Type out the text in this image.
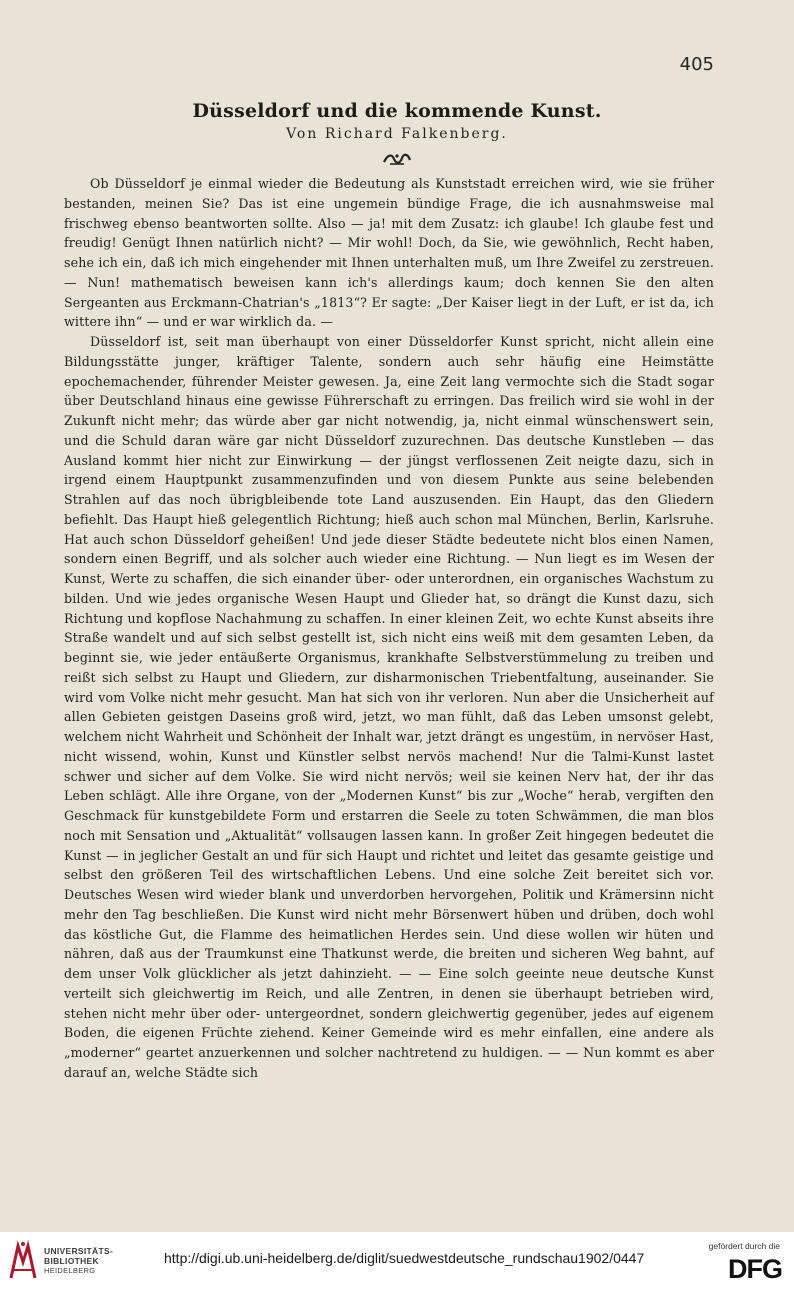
405
Düsseldorf und die kommende Kunst.
Von Richard Falkenberg.

Ob Düsseldorf je einmal wieder die Bedeutung als Kunststadt erreichen wird, wie sie früher bestanden, meinen Sie? Das ist eine ungemein bündige Frage, die ich ausnahmsweise mal frischweg ebenso beantworten sollte. Also — ja! mit dem Zusatz: ich glaube! Ich glaube fest und freudig! Genügt Ihnen natürlich nicht? — Mir wohl! Doch, da Sie, wie gewöhnlich, Recht haben, sehe ich ein, daß ich mich eingehender mit Ihnen unterhalten muß, um Ihre Zweifel zu zerstreuen. — Nun! mathematisch beweisen kann ich's allerdings kaum; doch kennen Sie den alten Sergeanten aus Erckmann-Chatrian's „1813“? Er sagte: „Der Kaiser liegt in der Luft, er ist da, ich wittere ihn“ — und er war wirklich da. —

Düsseldorf ist, seit man überhaupt von einer Düsseldorfer Kunst spricht, nicht allein eine Bildungsstätte junger, kräftiger Talente, sondern auch sehr häufig eine Heimstätte epochemachender, führender Meister gewesen. Ja, eine Zeit lang vermochte sich die Stadt sogar über Deutschland hinaus eine gewisse Führerschaft zu erringen. Das freilich wird sie wohl in der Zukunft nicht mehr; das würde aber gar nicht notwendig, ja, nicht einmal wünschenswert sein, und die Schuld daran wäre gar nicht Düsseldorf zuzurechnen. Das deutsche Kunstleben — das Ausland kommt hier nicht zur Einwirkung — der jüngst verflossenen Zeit neigte dazu, sich in irgend einem Hauptpunkt zusammenzufinden und von diesem Punkte aus seine belebenden Strahlen auf das noch übrigbleibende tote Land auszusenden. Ein Haupt, das den Gliedern befiehlt. Das Haupt hieß gelegentlich Richtung; hieß auch schon mal München, Berlin, Karlsruhe. Hat auch schon Düsseldorf geheißen! Und jede dieser Städte bedeutete nicht blos einen Namen, sondern einen Begriff, und als solcher auch wieder eine Richtung. — Nun liegt es im Wesen der Kunst, Werte zu schaffen, die sich einander über- oder unterordnen, ein organisches Wachstum zu bilden. Und wie jedes organische Wesen Haupt und Glieder hat, so drängt die Kunst dazu, sich Richtung und kopflose Nachahmung zu schaffen. In einer kleinen Zeit, wo echte Kunst abseits ihre Straße wandelt und auf sich selbst gestellt ist, sich nicht eins weiß mit dem gesamten Leben, da beginnt sie, wie jeder entäußerte Organismus, krankhafte Selbstverstümmelung zu treiben und reißt sich selbst zu Haupt und Gliedern, zur disharmonischen Triebentfaltung, auseinander. Sie wird vom Volke nicht mehr gesucht. Man hat sich von ihr verloren. Nun aber die Unsicherheit auf allen Gebieten geistgen Daseins groß wird, jetzt, wo man fühlt, daß das Leben umsonst gelebt, welchem nicht Wahrheit und Schönheit der Inhalt war, jetzt drängt es ungestüm, in nervöser Hast, nicht wissend, wohin, Kunst und Künstler selbst nervös machend! Nur die Talmi-Kunst lastet schwer und sicher auf dem Volke. Sie wird nicht nervös; weil sie keinen Nerv hat, der ihr das Leben schlägt. Alle ihre Organe, von der „Modernen Kunst“ bis zur „Woche“ herab, vergiften den Geschmack für kunstgebildete Form und erstarren die Seele zu toten Schwämmen, die man blos noch mit Sensation und „Aktualität“ vollsaugen lassen kann. In großer Zeit hingegen bedeutet die Kunst — in jeglicher Gestalt an und für sich Haupt und richtet und leitet das gesamte geistige und selbst den größeren Teil des wirtschaftlichen Lebens. Und eine solche Zeit bereitet sich vor. Deutsches Wesen wird wieder blank und unverdorben hervorgehen, Politik und Krämersinn nicht mehr den Tag beschließen. Die Kunst wird nicht mehr Börsenwert hüben und drüben, doch wohl das köstliche Gut, die Flamme des heimatlichen Herdes sein. Und diese wollen wir hüten und nähren, daß aus der Traumkunst eine Thatkunst werde, die breiten und sicheren Weg bahnt, auf dem unser Volk glücklicher als jetzt dahinzieht. — — Eine solch geeinte neue deutsche Kunst verteilt sich gleichwertig im Reich, und alle Zentren, in denen sie überhaupt betrieben wird, stehen nicht mehr über oder- untergeordnet, sondern gleichwertig gegenüber, jedes auf eigenem Boden, die eigenen Früchte ziehend. Keiner Gemeinde wird es mehr einfallen, eine andere als „moderner“ geartet anzuerkennen und solcher nachtretend zu huldigen. — — Nun kommt es aber darauf an, welche Städte sich

UNIVERSITÄTS-
BIBLIOTHEK
HEIDELBERG
http://digi.ub.uni-heidelberg.de/diglit/suedwestdeutsche_rundschau1902/0447
gefördert durch die
DFG
